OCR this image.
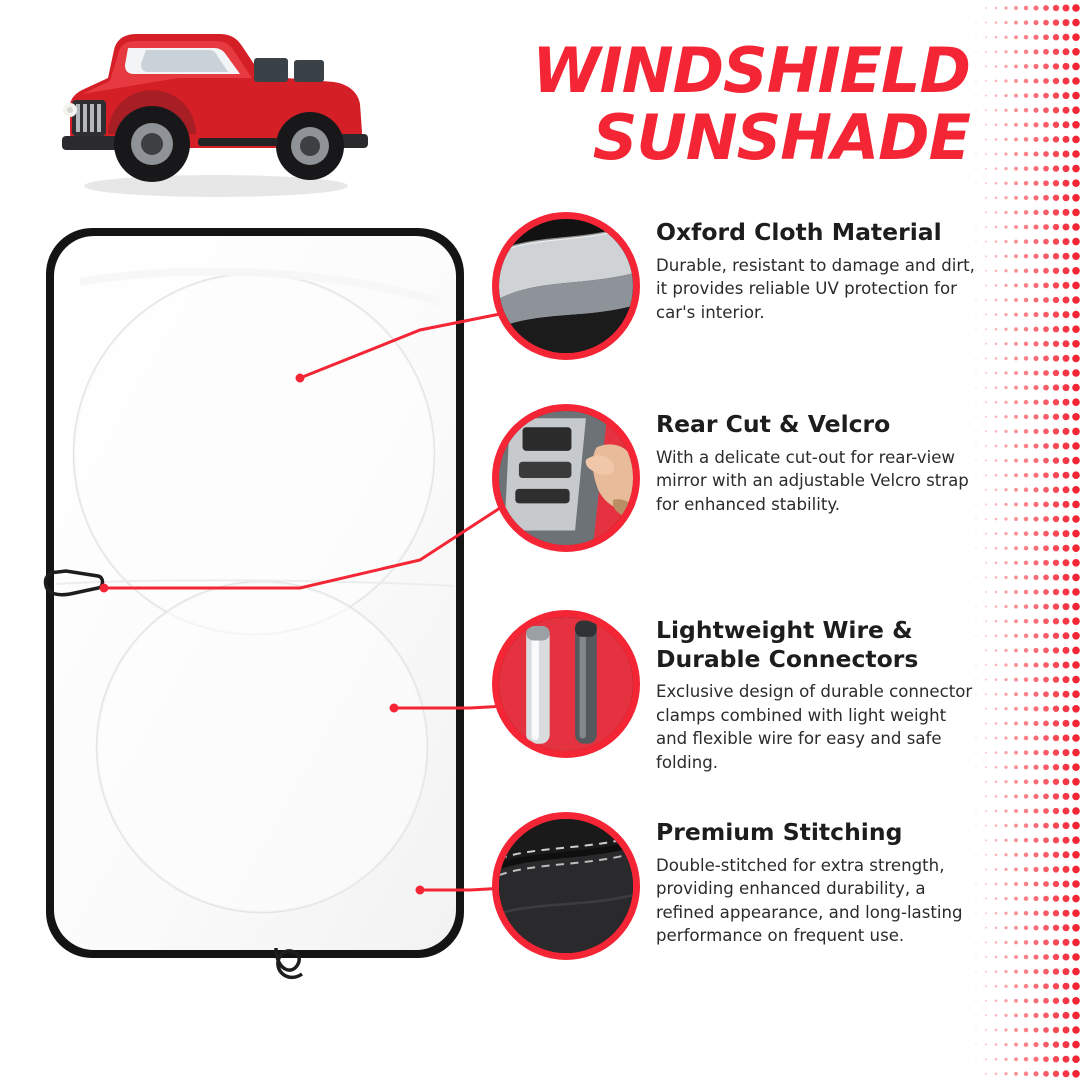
WINDSHIELD
SUNSHADE
Oxford Cloth Material
Durable, resistant to damage and dirt, it provides reliable UV protection for car's interior.
Rear Cut & Velcro
With a delicate cut-out for rear-view mirror with an adjustable Velcro strap for enhanced stability.
Lightweight Wire & Durable Connectors
Exclusive design of durable connector clamps combined with light weight and flexible wire for easy and safe folding.
Premium Stitching
Double-stitched for extra strength, providing enhanced durability, a refined appearance, and long-lasting performance on frequent use.
